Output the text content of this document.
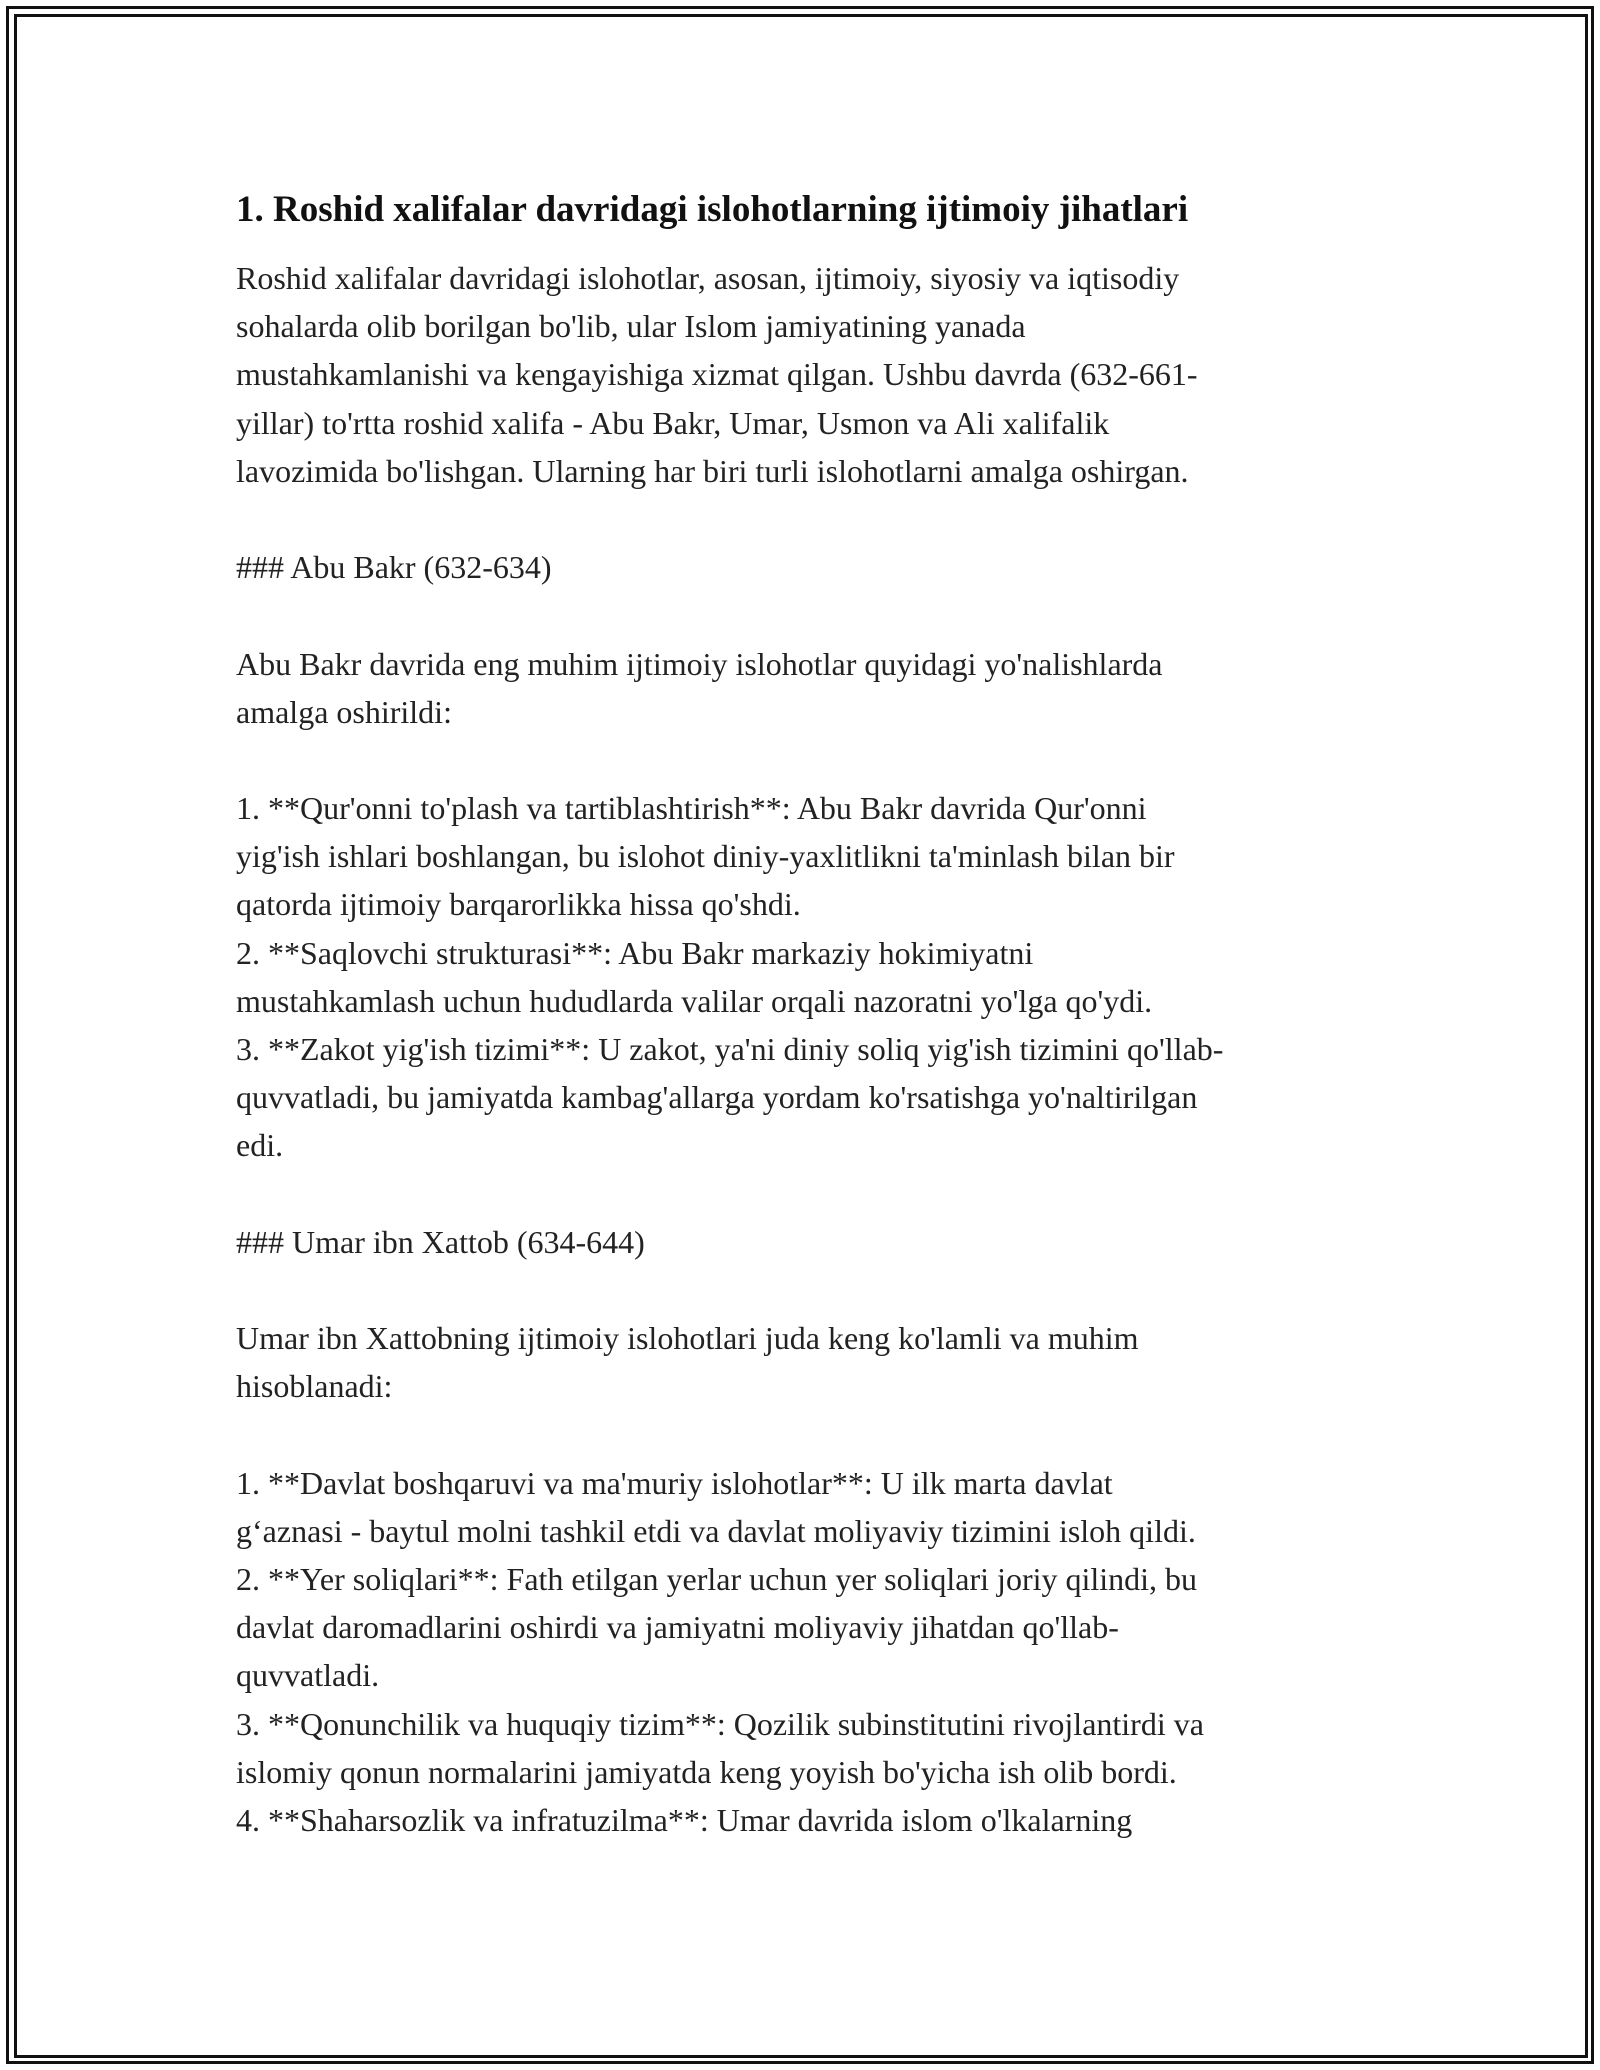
1. Roshid xalifalar davridagi islohotlarning ijtimoiy jihatlari
Roshid xalifalar davridagi islohotlar, asosan, ijtimoiy, siyosiy va iqtisodiy
sohalarda olib borilgan bo'lib, ular Islom jamiyatining yanada
mustahkamlanishi va kengayishiga xizmat qilgan. Ushbu davrda (632-661-
yillar) to'rtta roshid xalifa - Abu Bakr, Umar, Usmon va Ali xalifalik
lavozimida bo'lishgan. Ularning har biri turli islohotlarni amalga oshirgan.
### Abu Bakr (632-634)
Abu Bakr davrida eng muhim ijtimoiy islohotlar quyidagi yo'nalishlarda
amalga oshirildi:
1. **Qur'onni to'plash va tartiblashtirish**: Abu Bakr davrida Qur'onni
yig'ish ishlari boshlangan, bu islohot diniy-yaxlitlikni ta'minlash bilan bir
qatorda ijtimoiy barqarorlikka hissa qo'shdi.
2. **Saqlovchi strukturasi**: Abu Bakr markaziy hokimiyatni
mustahkamlash uchun hududlarda valilar orqali nazoratni yo'lga qo'ydi.
3. **Zakot yig'ish tizimi**: U zakot, ya'ni diniy soliq yig'ish tizimini qo'llab-
quvvatladi, bu jamiyatda kambag'allarga yordam ko'rsatishga yo'naltirilgan
edi.
### Umar ibn Xattob (634-644)
Umar ibn Xattobning ijtimoiy islohotlari juda keng ko'lamli va muhim
hisoblanadi:
1. **Davlat boshqaruvi va ma'muriy islohotlar**: U ilk marta davlat
g‘aznasi - baytul molni tashkil etdi va davlat moliyaviy tizimini isloh qildi.
2. **Yer soliqlari**: Fath etilgan yerlar uchun yer soliqlari joriy qilindi, bu
davlat daromadlarini oshirdi va jamiyatni moliyaviy jihatdan qo'llab-
quvvatladi.
3. **Qonunchilik va huquqiy tizim**: Qozilik subinstitutini rivojlantirdi va
islomiy qonun normalarini jamiyatda keng yoyish bo'yicha ish olib bordi.
4. **Shaharsozlik va infratuzilma**: Umar davrida islom o'lkalarning
